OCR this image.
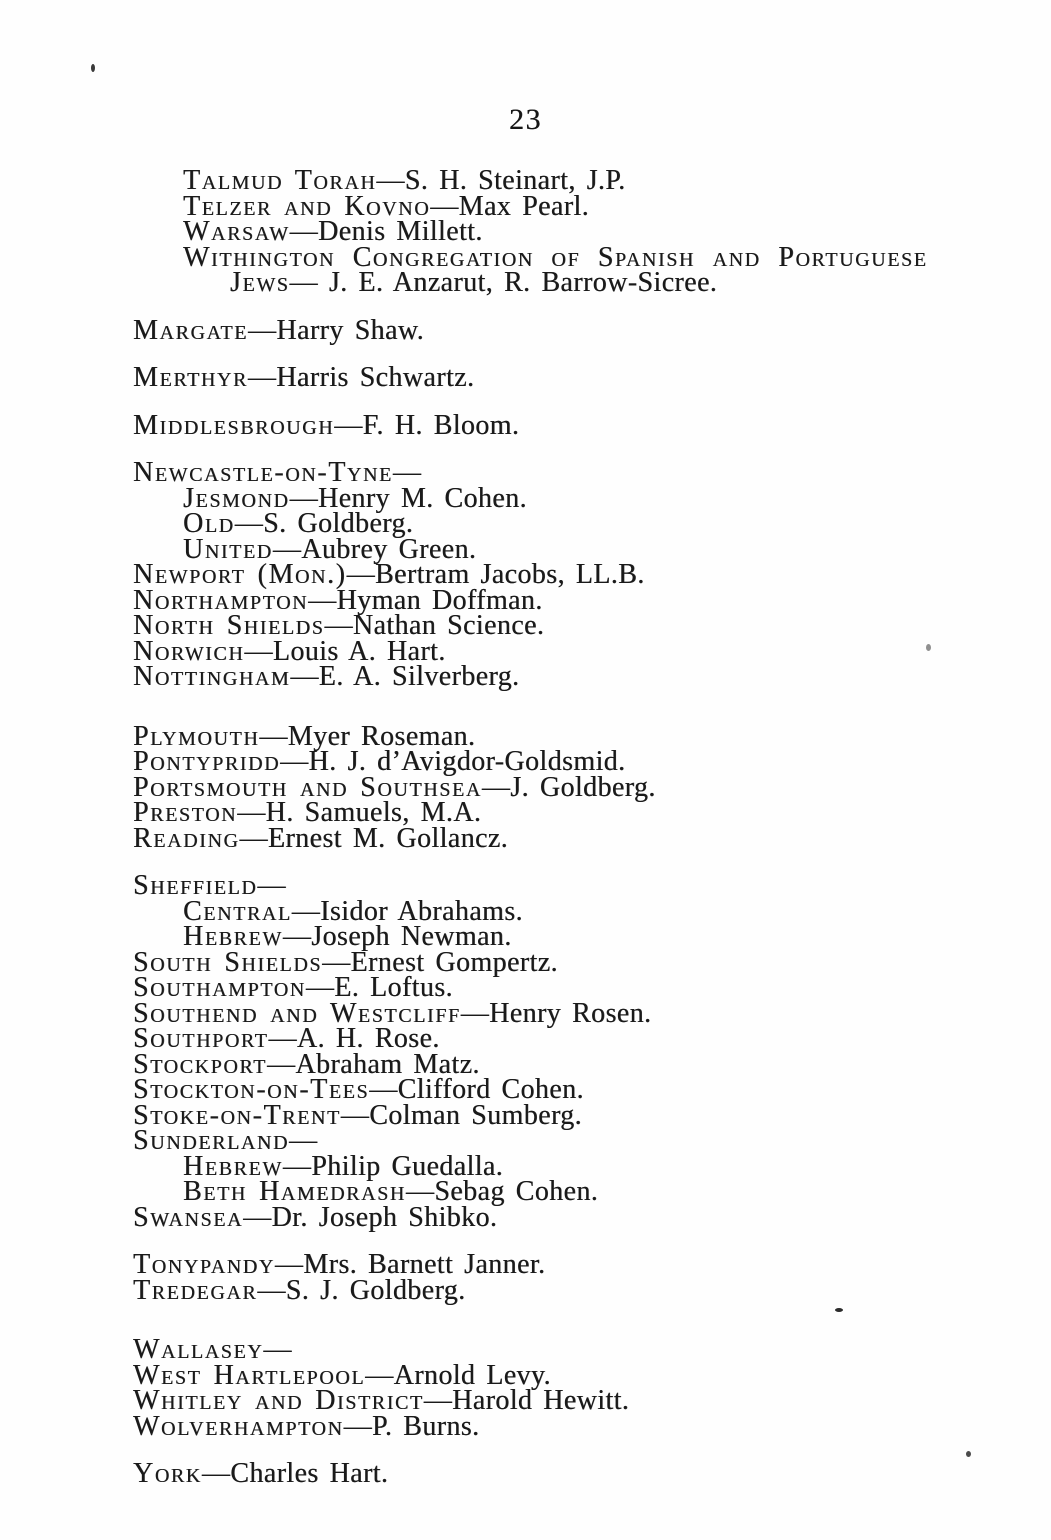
23
Talmud Torah—S. H. Steinart, J.P.
Telzer and Kovno—Max Pearl.
Warsaw—Denis Millett.
Withington Congregation of Spanish and Portuguese
Jews— J. E. Anzarut, R. Barrow-Sicree.
Margate—Harry Shaw.
Merthyr—Harris Schwartz.
Middlesbrough—F. H. Bloom.
Newcastle-on-Tyne—
Jesmond—Henry M. Cohen.
Old—S. Goldberg.
United—Aubrey Green.
Newport (Mon.)—Bertram Jacobs, LL.B.
Northampton—Hyman Doffman.
North Shields—Nathan Science.
Norwich—Louis A. Hart.
Nottingham—E. A. Silverberg.
Plymouth—Myer Roseman.
Pontypridd—H. J. d’Avigdor-Goldsmid.
Portsmouth and Southsea—J. Goldberg.
Preston—H. Samuels, M.A.
Reading—Ernest M. Gollancz.
Sheffield—
Central—Isidor Abrahams.
Hebrew—Joseph Newman.
South Shields—Ernest Gompertz.
Southampton—E. Loftus.
Southend and Westcliff—Henry Rosen.
Southport—A. H. Rose.
Stockport—Abraham Matz.
Stockton-on-Tees—Clifford Cohen.
Stoke-on-Trent—Colman Sumberg.
Sunderland—
Hebrew—Philip Guedalla.
Beth Hamedrash—Sebag Cohen.
Swansea—Dr. Joseph Shibko.
Tonypandy—Mrs. Barnett Janner.
Tredegar—S. J. Goldberg.
Wallasey—
West Hartlepool—Arnold Levy.
Whitley and District—Harold Hewitt.
Wolverhampton—P. Burns.
York—Charles Hart.
